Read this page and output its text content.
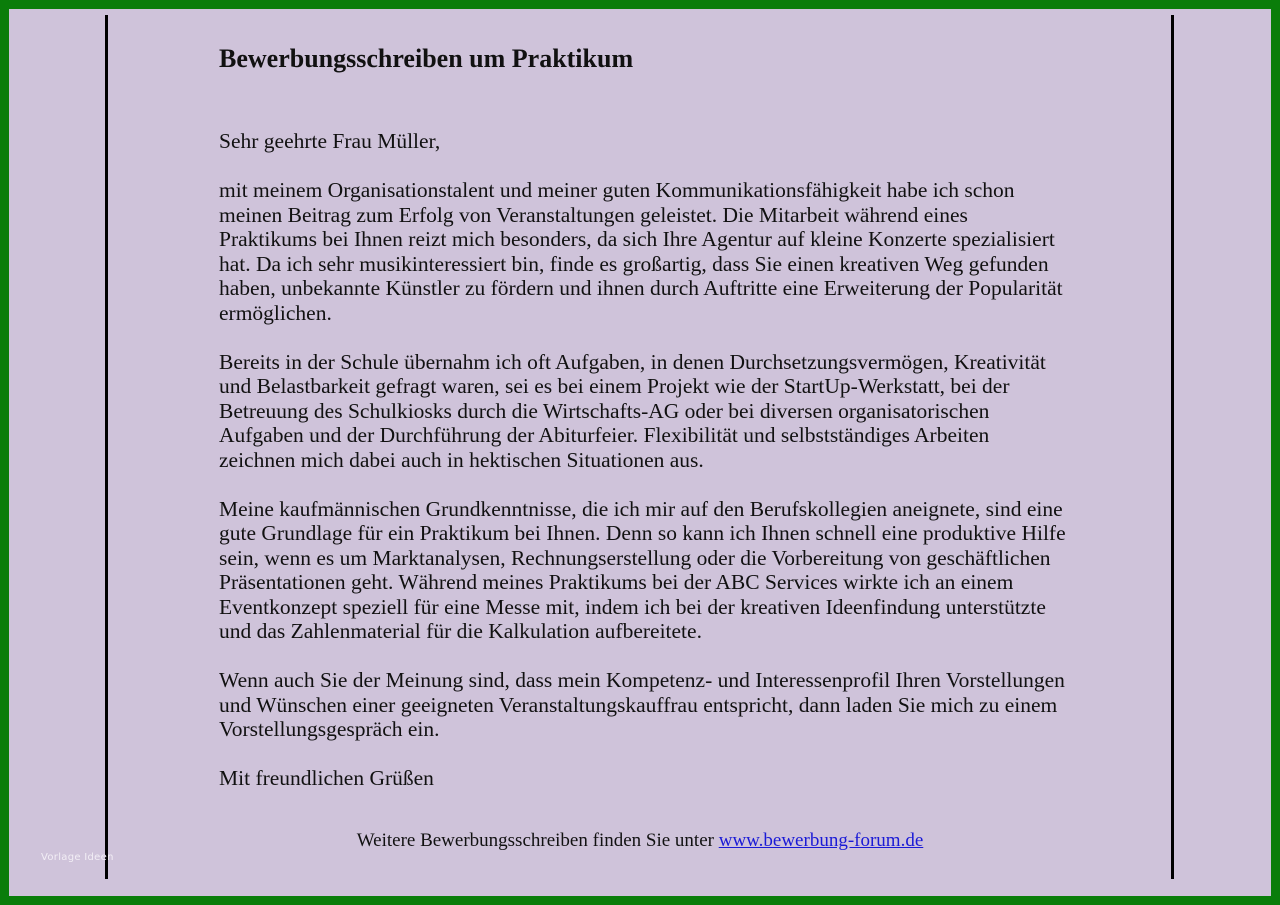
Bewerbungsschreiben um Praktikum

Sehr geehrte Frau Müller,

mit meinem Organisationstalent und meiner guten Kommunikationsfähigkeit habe ich schon meinen Beitrag zum Erfolg von Veranstaltungen geleistet. Die Mitarbeit während eines Praktikums bei Ihnen reizt mich besonders, da sich Ihre Agentur auf kleine Konzerte spezialisiert hat. Da ich sehr musikinteressiert bin, finde es großartig, dass Sie einen kreativen Weg gefunden haben, unbekannte Künstler zu fördern und ihnen durch Auftritte eine Erweiterung der Popularität ermöglichen.

Bereits in der Schule übernahm ich oft Aufgaben, in denen Durchsetzungsvermögen, Kreativität und Belastbarkeit gefragt waren, sei es bei einem Projekt wie der StartUp-Werkstatt, bei der Betreuung des Schulkiosks durch die Wirtschafts-AG oder bei diversen organisatorischen Aufgaben und der Durchführung der Abiturfeier. Flexibilität und selbstständiges Arbeiten zeichnen mich dabei auch in hektischen Situationen aus.

Meine kaufmännischen Grundkenntnisse, die ich mir auf den Berufskollegien aneignete, sind eine gute Grundlage für ein Praktikum bei Ihnen. Denn so kann ich Ihnen schnell eine produktive Hilfe sein, wenn es um Marktanalysen, Rechnungserstellung oder die Vorbereitung von geschäftlichen Präsentationen geht. Während meines Praktikums bei der ABC Services wirkte ich an einem Eventkonzept speziell für eine Messe mit, indem ich bei der kreativen Ideenfindung unterstützte und das Zahlenmaterial für die Kalkulation aufbereitete.

Wenn auch Sie der Meinung sind, dass mein Kompetenz- und Interessenprofil Ihren Vorstellungen und Wünschen einer geeigneten Veranstaltungskauffrau entspricht, dann laden Sie mich zu einem Vorstellungsgespräch ein.

Mit freundlichen Grüßen

Weitere Bewerbungsschreiben finden Sie unter www.bewerbung-forum.de
Vorlage Ideen
